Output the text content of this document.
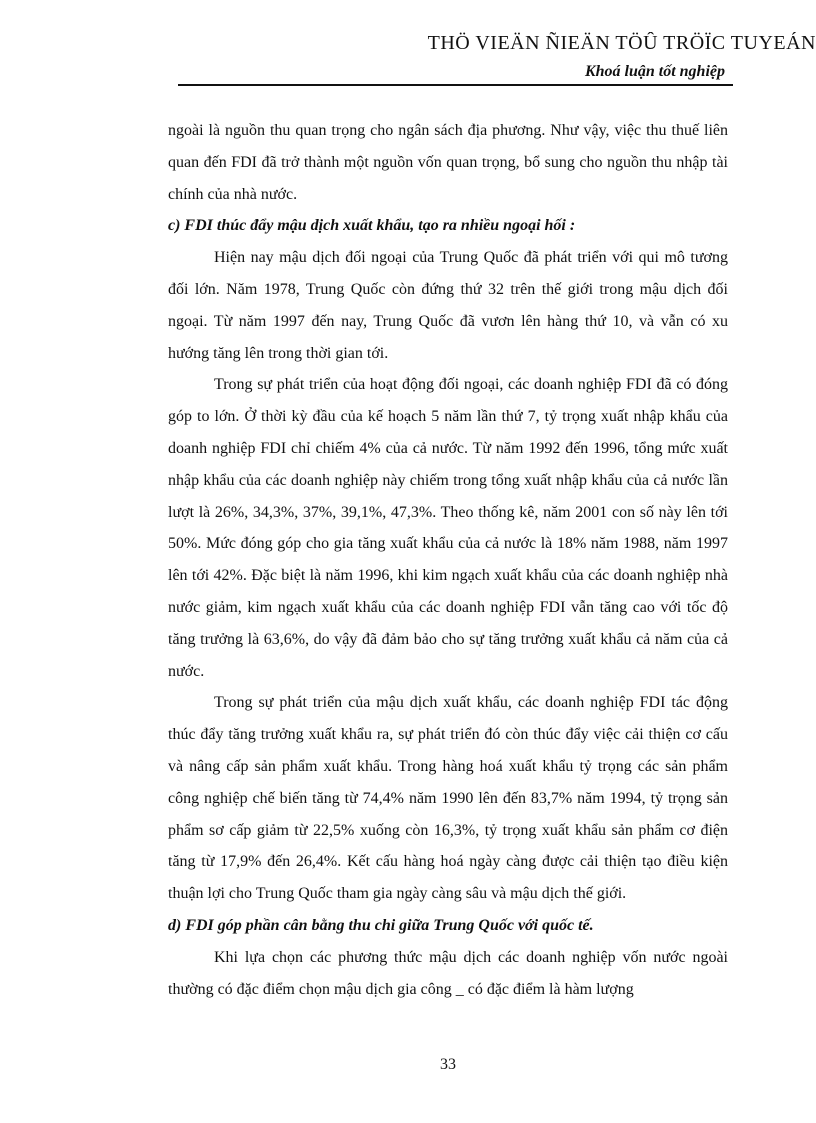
THÖ VIEÄN ÑIEÄN TÖÛ TRÖÏC TUYEÁN
Khoá luận tốt nghiệp

ngoài là nguồn thu quan trọng cho ngân sách địa phương. Như vậy, việc thu thuế liên quan đến FDI đã trở thành một nguồn vốn quan trọng, bổ sung cho nguồn thu nhập tài chính của nhà nước.

c) FDI thúc đẩy mậu dịch xuất khẩu, tạo ra nhiều ngoại hối :

Hiện nay mậu dịch đối ngoại của Trung Quốc đã phát triển với qui mô tương đối lớn. Năm 1978, Trung Quốc còn đứng thứ 32 trên thế giới trong mậu dịch đối ngoại. Từ năm 1997 đến nay, Trung Quốc đã vươn lên hàng thứ 10, và vẫn có xu hướng tăng lên trong thời gian tới.

Trong sự phát triển của hoạt động đối ngoại, các doanh nghiệp FDI đã có đóng góp to lớn. Ở thời kỳ đầu của kế hoạch 5 năm lần thứ 7, tỷ trọng xuất nhập khẩu của doanh nghiệp FDI chỉ chiếm 4% của cả nước. Từ năm 1992 đến 1996, tổng mức xuất nhập khẩu của các doanh nghiệp này chiếm trong tổng xuất nhập khẩu của cả nước lần lượt là 26%, 34,3%, 37%, 39,1%, 47,3%. Theo thống kê, năm 2001 con số này lên tới 50%. Mức đóng góp cho gia tăng xuất khẩu của cả nước là 18% năm 1988, năm 1997 lên tới 42%. Đặc biệt là năm 1996, khi kim ngạch xuất khẩu của các doanh nghiệp nhà nước giảm, kim ngạch xuất khẩu của các doanh nghiệp FDI vẫn tăng cao với tốc độ tăng trưởng là 63,6%, do vậy đã đảm bảo cho sự tăng trưởng xuất khẩu cả năm của cả nước.

Trong sự phát triển của mậu dịch xuất khẩu, các doanh nghiệp FDI tác động thúc đẩy tăng trưởng xuất khẩu ra, sự phát triển đó còn thúc đẩy việc cải thiện cơ cấu và nâng cấp sản phẩm xuất khẩu. Trong hàng hoá xuất khẩu tỷ trọng các sản phẩm công nghiệp chế biến tăng từ 74,4% năm 1990 lên đến 83,7% năm 1994, tỷ trọng sản phẩm sơ cấp giảm từ 22,5% xuống còn 16,3%, tỷ trọng xuất khẩu sản phẩm cơ điện tăng từ 17,9% đến 26,4%. Kết cấu hàng hoá ngày càng được cải thiện tạo điều kiện thuận lợi cho Trung Quốc tham gia ngày càng sâu và mậu dịch thế giới.

d) FDI góp phần cân bằng thu chi giữa Trung Quốc với quốc tế.

Khi lựa chọn các phương thức mậu dịch các doanh nghiệp vốn nước ngoài thường có đặc điểm chọn mậu dịch gia công _ có đặc điểm là hàm lượng

33
